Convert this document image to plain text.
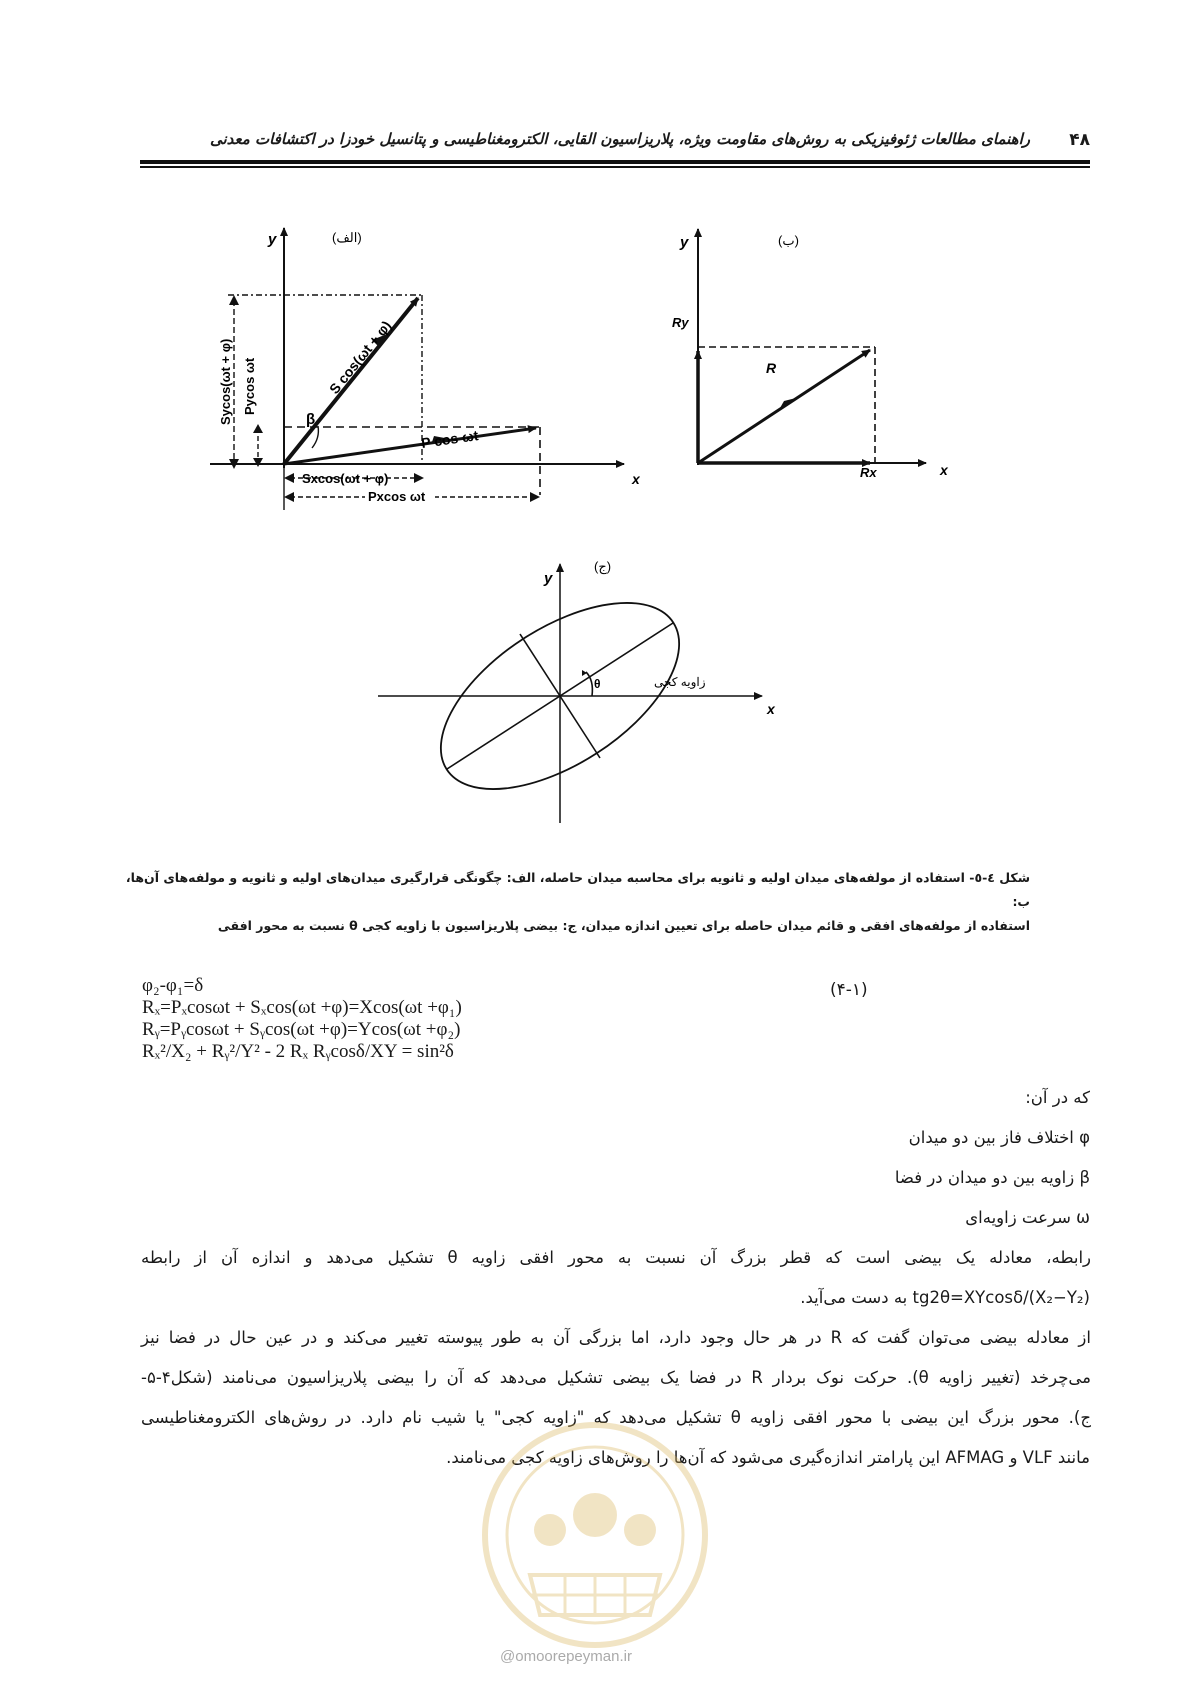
۴۸
راهنمای مطالعات ژئوفیزیکی به روش‌های مقاومت ویژه، پلاریزاسیون القایی، الکترومغناطیسی و پتانسیل خودزا در اکتشافات معدنی
y
x
(الف)
β
S cos(ωt + φ)
P cos ωt
Sycos(ωt + φ) Pycos ωt
Sxcos(ωt + φ)
Pxcos ωt
y
x
(ب)
Ry
R
Rx
y
x
(ج)
θ	زاویه کجی
شکل ٤-٥- استفاده از مولفه‌های میدان اولیه و ثانویه برای محاسبه میدان حاصله، الف: چگونگی قرارگیری میدان‌های اولیه و ثانویه و مولفه‌های آن‌ها، ب:
استفاده از مولفه‌های افقی و قائم میدان حاصله برای تعیین اندازه میدان، ج: بیضی پلاریزاسیون با زاویه کجی θ نسبت به محور افقی
φ₂-φ₁=δ
Rₓ=Pₓcosωt + Sₓcos(ωt +φ)=Xcos(ωt +φ₁)
Rᵧ=Pᵧcosωt + Sᵧcos(ωt +φ)=Ycos(ωt +φ₂)
Rₓ²/X₂ + Rᵧ²/Y² - 2 Rₓ Rᵧcosδ/XY = sin²δ
(۴-۱)
که در آن:
φ اختلاف فاز بین دو میدان
β زاویه بین دو میدان در فضا
ω سرعت زاویه‌ای
رابطه، معادله یک بیضی است که قطر بزرگ آن نسبت به محور افقی زاویه θ تشکیل می‌دهد و اندازه آن از رابطه
tg2θ=XYcosδ/(X₂−Y₂) به دست می‌آید.
از معادله بیضی می‌توان گفت که R در هر حال وجود دارد، اما بزرگی آن به طور پیوسته تغییر می‌کند و در عین حال در فضا نیز
می‌چرخد (تغییر زاویه θ). حرکت نوک بردار R در فضا یک بیضی تشکیل می‌دهد که آن را بیضی پلاریزاسیون می‌نامند (شکل۴-۵-
ج). محور بزرگ این بیضی با محور افقی زاویه θ تشکیل می‌دهد که "زاویه کجی" یا شیب نام دارد. در روش‌های الکترومغناطیسی
مانند VLF و AFMAG این پارامتر اندازه‌گیری می‌شود که آن‌ها را روش‌های زاویه کجی می‌نامند.
@omoorepeyman.ir
